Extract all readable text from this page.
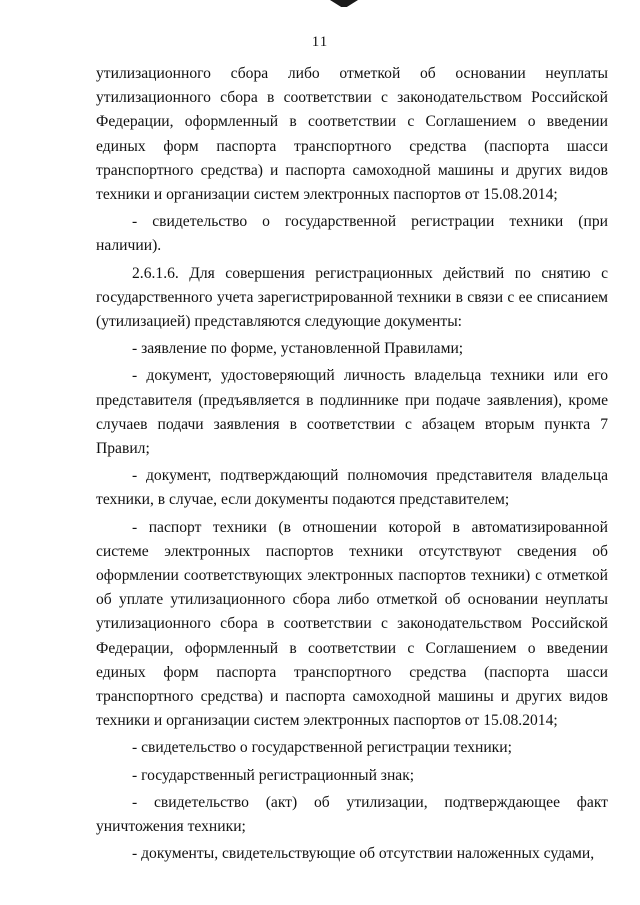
11

утилизационного сбора либо отметкой об основании неуплаты утилизационного сбора в соответствии с законодательством Российской Федерации, оформленный в соответствии с Соглашением о введении единых форм паспорта транспортного средства (паспорта шасси транспортного средства) и паспорта самоходной машины и других видов техники и организации систем электронных паспортов от 15.08.2014;

- свидетельство о государственной регистрации техники (при наличии).

2.6.1.6. Для совершения регистрационных действий по снятию с государственного учета зарегистрированной техники в связи с ее списанием (утилизацией) представляются следующие документы:

- заявление по форме, установленной Правилами;

- документ, удостоверяющий личность владельца техники или его представителя (предъявляется в подлиннике при подаче заявления), кроме случаев подачи заявления в соответствии с абзацем вторым пункта 7 Правил;

- документ, подтверждающий полномочия представителя владельца техники, в случае, если документы подаются представителем;

- паспорт техники (в отношении которой в автоматизированной системе электронных паспортов техники отсутствуют сведения об оформлении соответствующих электронных паспортов техники) с отметкой об уплате утилизационного сбора либо отметкой об основании неуплаты утилизационного сбора в соответствии с законодательством Российской Федерации, оформленный в соответствии с Соглашением о введении единых форм паспорта транспортного средства (паспорта шасси транспортного средства) и паспорта самоходной машины и других видов техники и организации систем электронных паспортов от 15.08.2014;

- свидетельство о государственной регистрации техники;

- государственный регистрационный знак;

- свидетельство (акт) об утилизации, подтверждающее факт уничтожения техники;

- документы, свидетельствующие об отсутствии наложенных судами,
